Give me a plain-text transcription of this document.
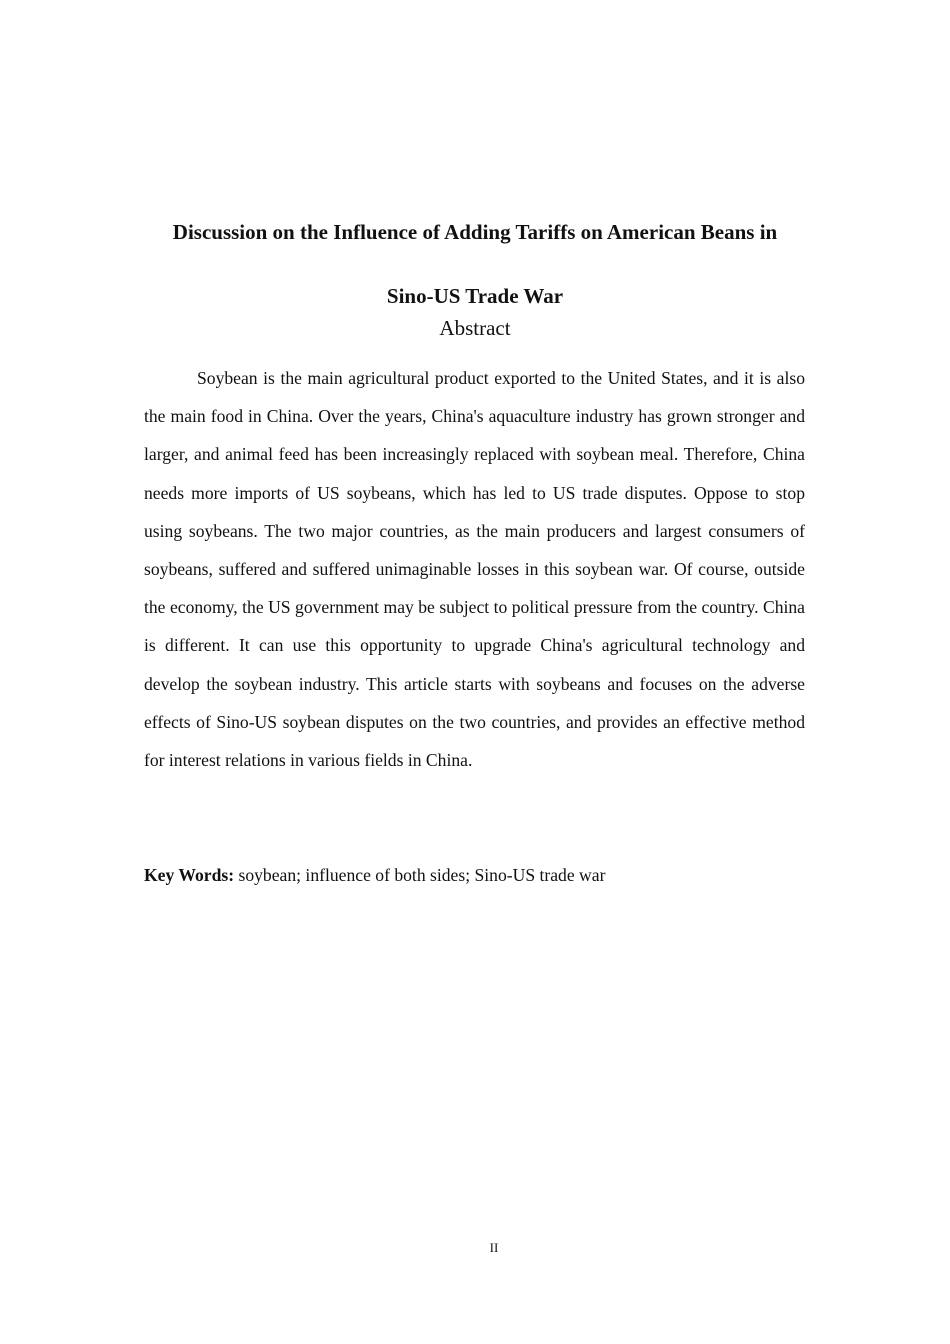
Discussion on the Influence of Adding Tariffs on American Beans in
Sino-US Trade War
Abstract

Soybean is the main agricultural product exported to the United States, and it is also the main food in China. Over the years, China's aquaculture industry has grown stronger and larger, and animal feed has been increasingly replaced with soybean meal. Therefore, China needs more imports of US soybeans, which has led to US trade disputes. Oppose to stop using soybeans. The two major countries, as the main producers and largest consumers of soybeans, suffered and suffered unimaginable losses in this soybean war. Of course, outside the economy, the US government may be subject to political pressure from the country. China is different. It can use this opportunity to upgrade China's agricultural technology and develop the soybean industry. This article starts with soybeans and focuses on the adverse effects of Sino-US soybean disputes on the two countries, and provides an effective method for interest relations in various fields in China.

Key Words: soybean; influence of both sides; Sino-US trade war

II
